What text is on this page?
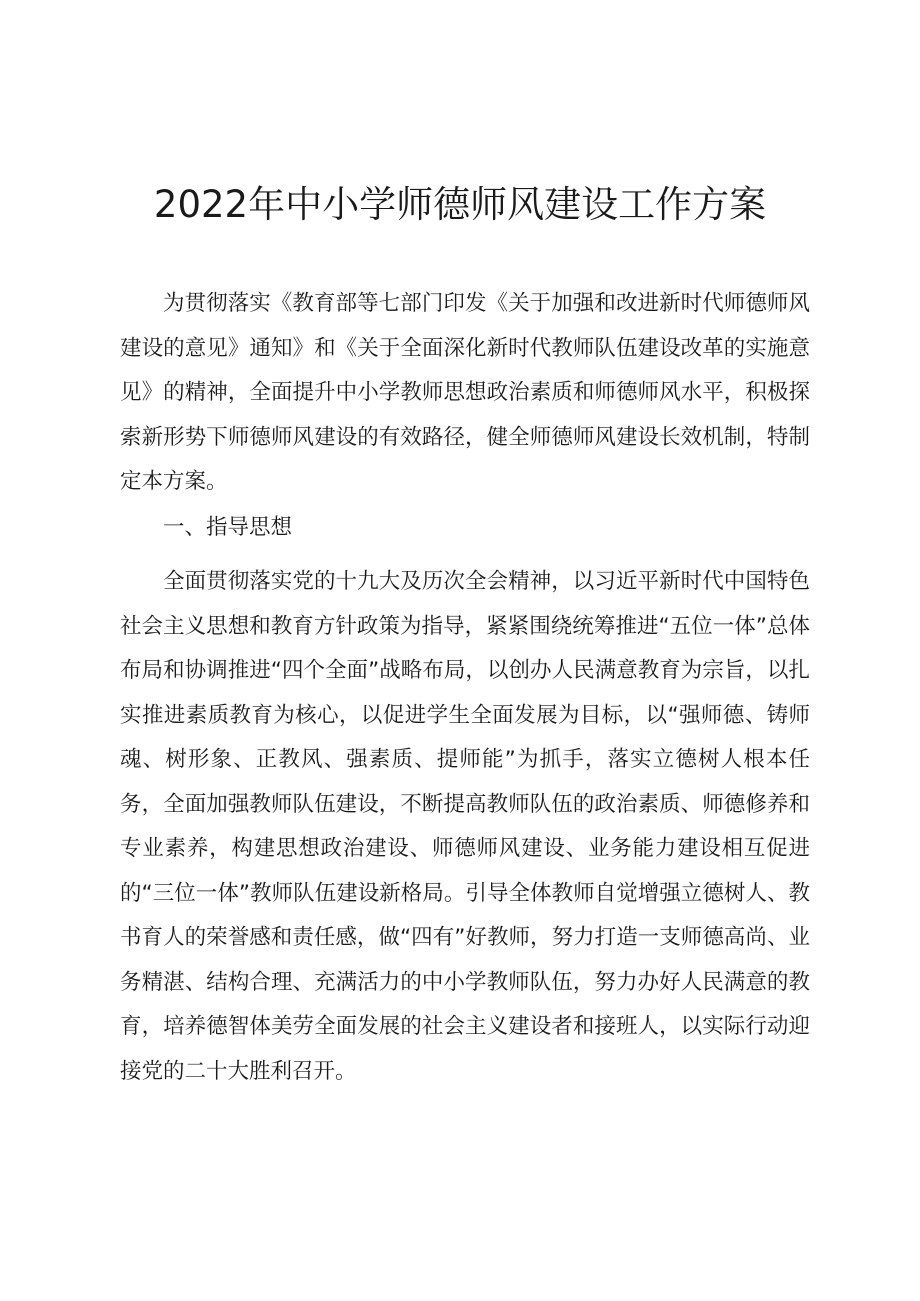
2022年中小学师德师风建设工作方案

为贯彻落实《教育部等七部门印发《关于加强和改进新时代师德师风建设的意见》通知》和《关于全面深化新时代教师队伍建设改革的实施意见》的精神，全面提升中小学教师思想政治素质和师德师风水平，积极探索新形势下师德师风建设的有效路径，健全师德师风建设长效机制，特制定本方案。

一、指导思想

全面贯彻落实党的十九大及历次全会精神，以习近平新时代中国特色社会主义思想和教育方针政策为指导，紧紧围绕统筹推进“五位一体”总体布局和协调推进“四个全面”战略布局，以创办人民满意教育为宗旨，以扎实推进素质教育为核心，以促进学生全面发展为目标，以“强师德、铸师魂、树形象、正教风、强素质、提师能”为抓手，落实立德树人根本任务，全面加强教师队伍建设，不断提高教师队伍的政治素质、师德修养和专业素养，构建思想政治建设、师德师风建设、业务能力建设相互促进的“三位一体”教师队伍建设新格局。引导全体教师自觉增强立德树人、教书育人的荣誉感和责任感，做“四有”好教师，努力打造一支师德高尚、业务精湛、结构合理、充满活力的中小学教师队伍，努力办好人民满意的教育，培养德智体美劳全面发展的社会主义建设者和接班人，以实际行动迎接党的二十大胜利召开。
